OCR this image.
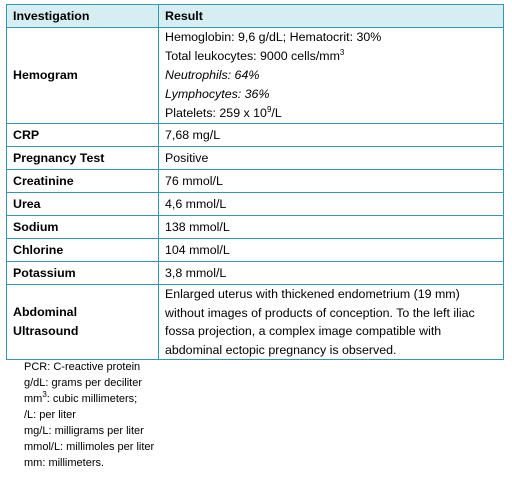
Investigation	Result
Hemogram	Hemoglobin: 9,6 g/dL; Hematocrit: 30%
Total leukocytes: 9000 cells/$mm^3$
Neutrophils: 64%
Lymphocytes: 36%
Platelets: 259 x $10^9/L$

CRP	7,68 mg/L
Pregnancy Test	Positive
Creatinine	76 mmol/L
Urea	4,6 mmol/L
Sodium	138 mmol/L
Chlorine	104 mmol/L
Potassium	3,8 mmol/L
Abdominal
Ultrasound	Enlarged uterus with thickened endometrium (19 mm) without images of products of conception. To the left iliac fossa projection, a complex image compatible with abdominal ectopic pregnancy is observed.
PCR: C-reactive protein
g/dL: grams per deciliter
$mm^3$: cubic millimeters;
/L: per liter
mg/L: milligrams per liter
mmol/L: millimoles per liter
mm: millimeters.
